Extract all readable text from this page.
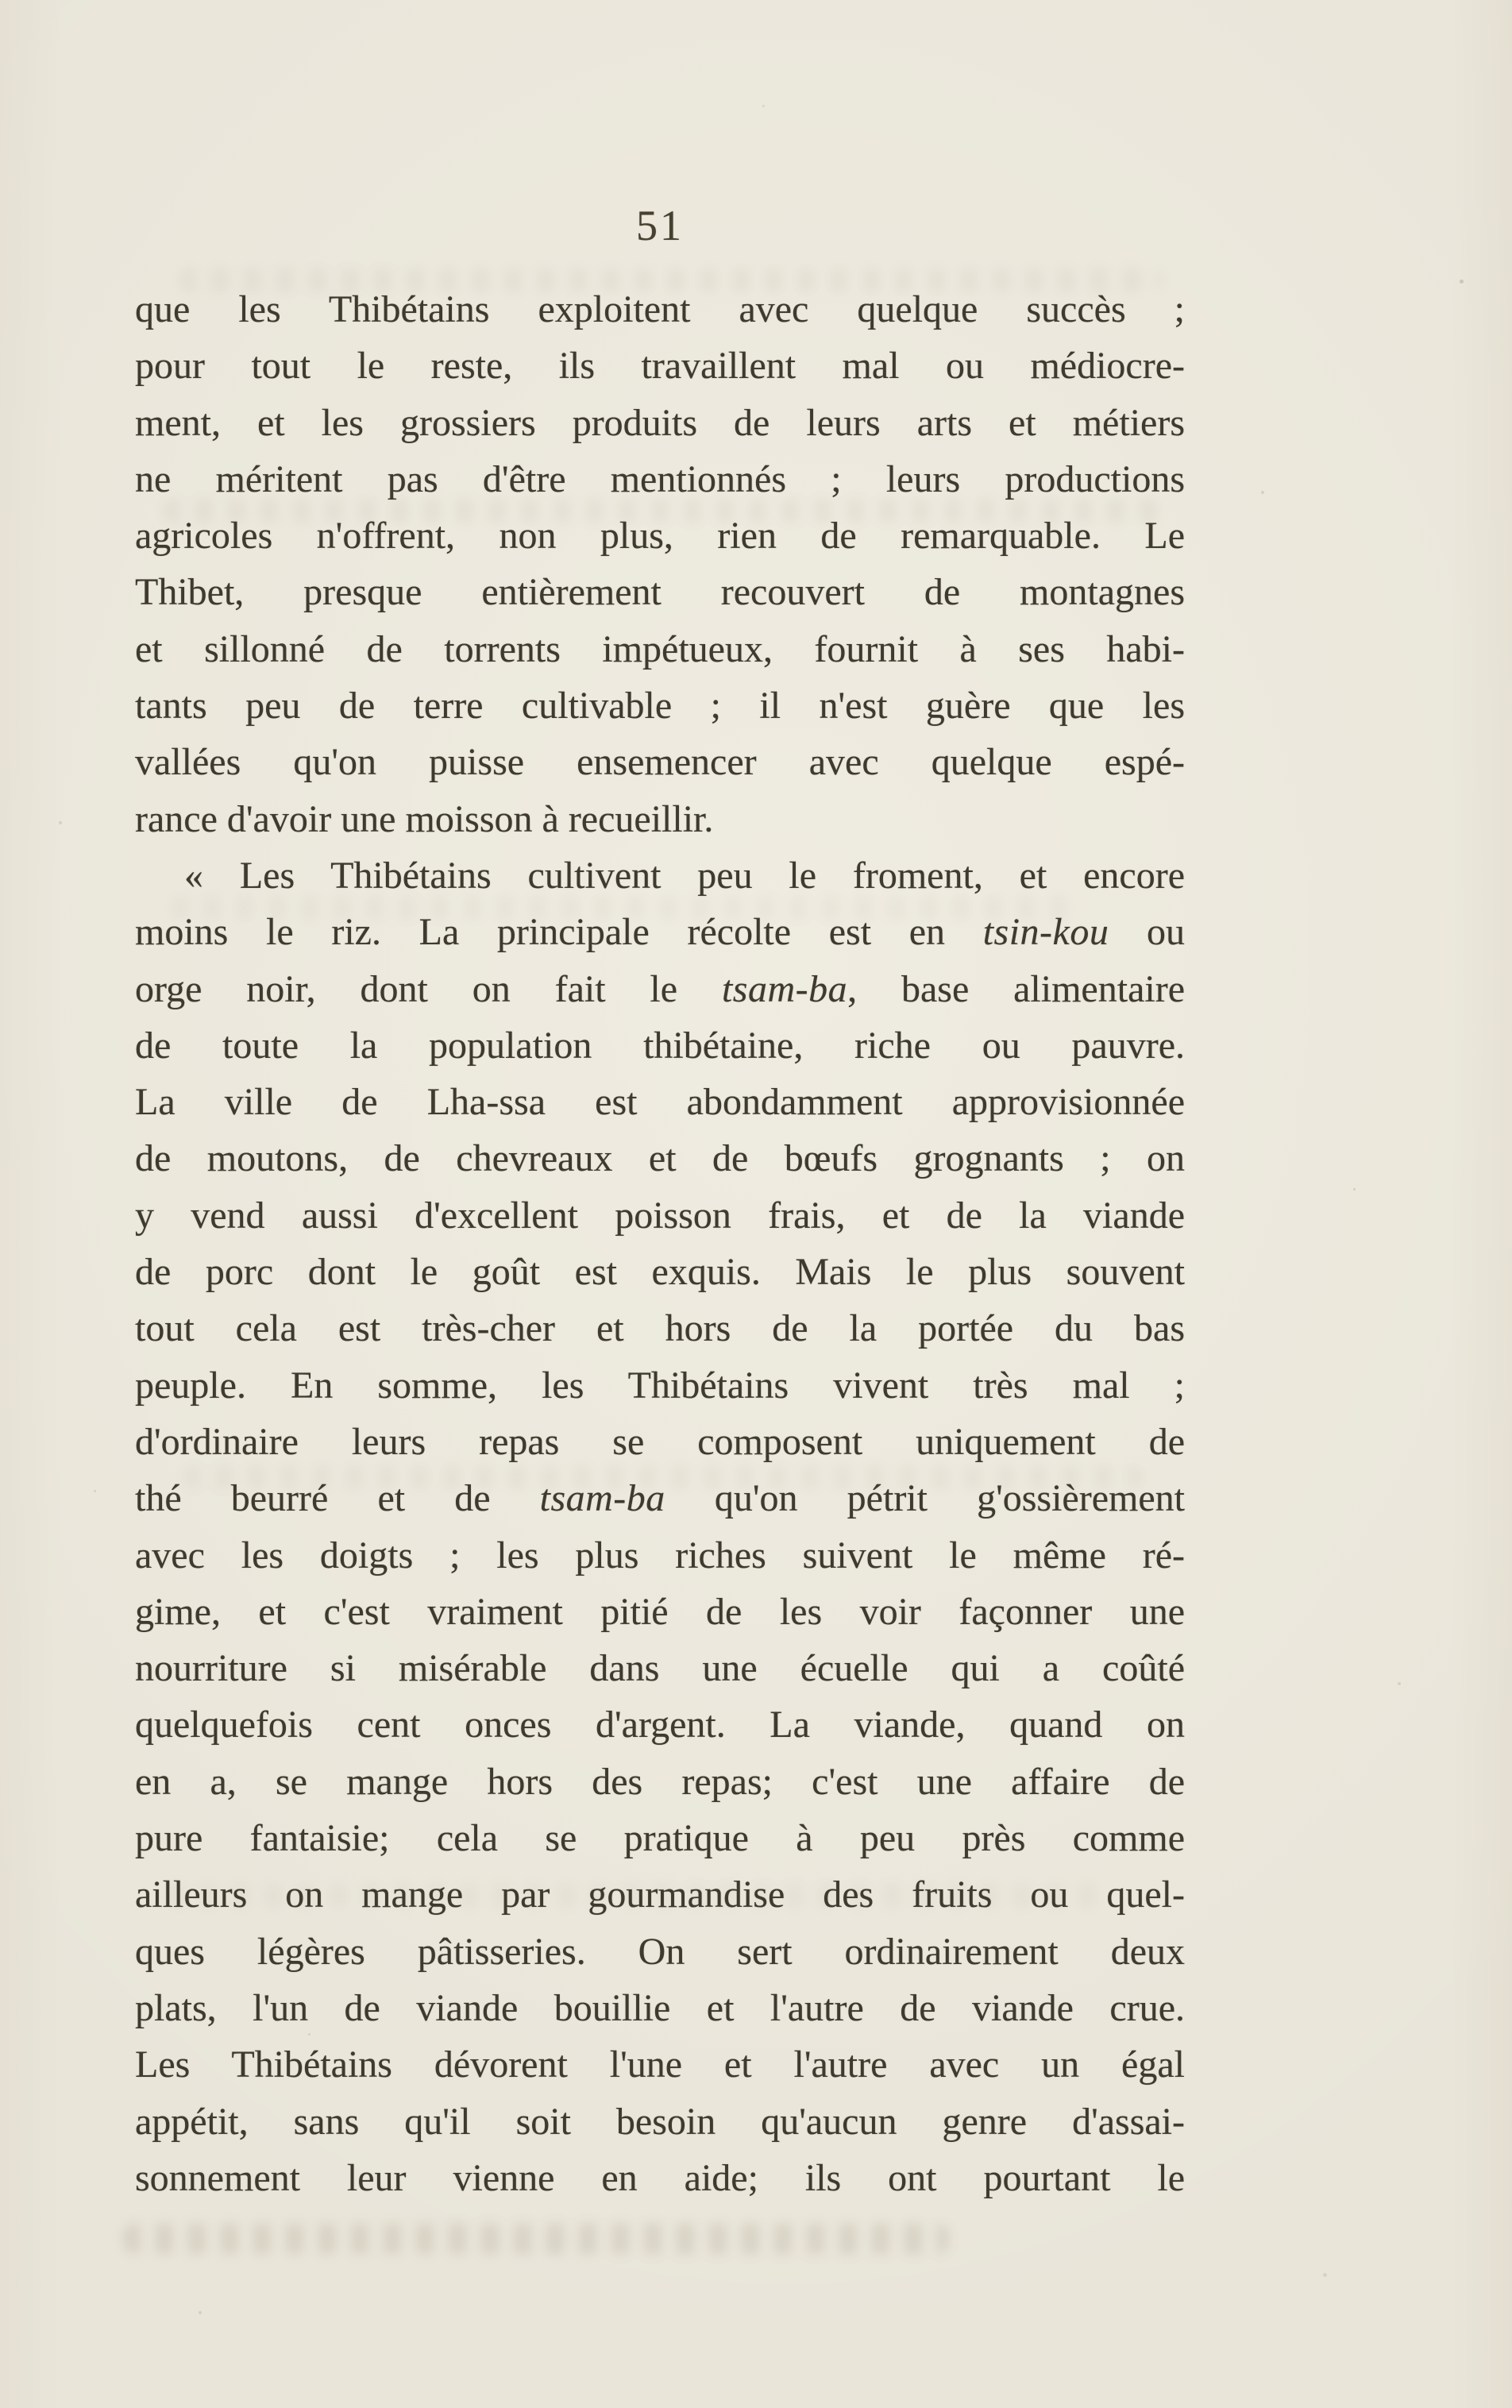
51
que les Thibétains exploitent avec quelque succès ;
pour tout le reste, ils travaillent mal ou médiocre-
ment, et les grossiers produits de leurs arts et métiers
ne méritent pas d'être mentionnés ; leurs productions
agricoles n'offrent, non plus, rien de remarquable. Le
Thibet, presque entièrement recouvert de montagnes
et sillonné de torrents impétueux, fournit à ses habi-
tants peu de terre cultivable ; il n'est guère que les
vallées qu'on puisse ensemencer avec quelque espé-
rance d'avoir une moisson à recueillir.
« Les Thibétains cultivent peu le froment, et encore
moins le riz. La principale récolte est en tsin-kou ou
orge noir, dont on fait le tsam-ba, base alimentaire
de toute la population thibétaine, riche ou pauvre.
La ville de Lha-ssa est abondamment approvisionnée
de moutons, de chevreaux et de bœufs grognants ; on
y vend aussi d'excellent poisson frais, et de la viande
de porc dont le goût est exquis. Mais le plus souvent
tout cela est très-cher et hors de la portée du bas
peuple. En somme, les Thibétains vivent très mal ;
d'ordinaire leurs repas se composent uniquement de
thé beurré et de tsam-ba qu'on pétrit g'ossièrement
avec les doigts ; les plus riches suivent le même ré-
gime, et c'est vraiment pitié de les voir façonner une
nourriture si misérable dans une écuelle qui a coûté
quelquefois cent onces d'argent. La viande, quand on
en a, se mange hors des repas; c'est une affaire de
pure fantaisie; cela se pratique à peu près comme
ailleurs on mange par gourmandise des fruits ou quel-
ques légères pâtisseries. On sert ordinairement deux
plats, l'un de viande bouillie et l'autre de viande crue.
Les Thibétains dévorent l'une et l'autre avec un égal
appétit, sans qu'il soit besoin qu'aucun genre d'assai-
sonnement leur vienne en aide; ils ont pourtant le
